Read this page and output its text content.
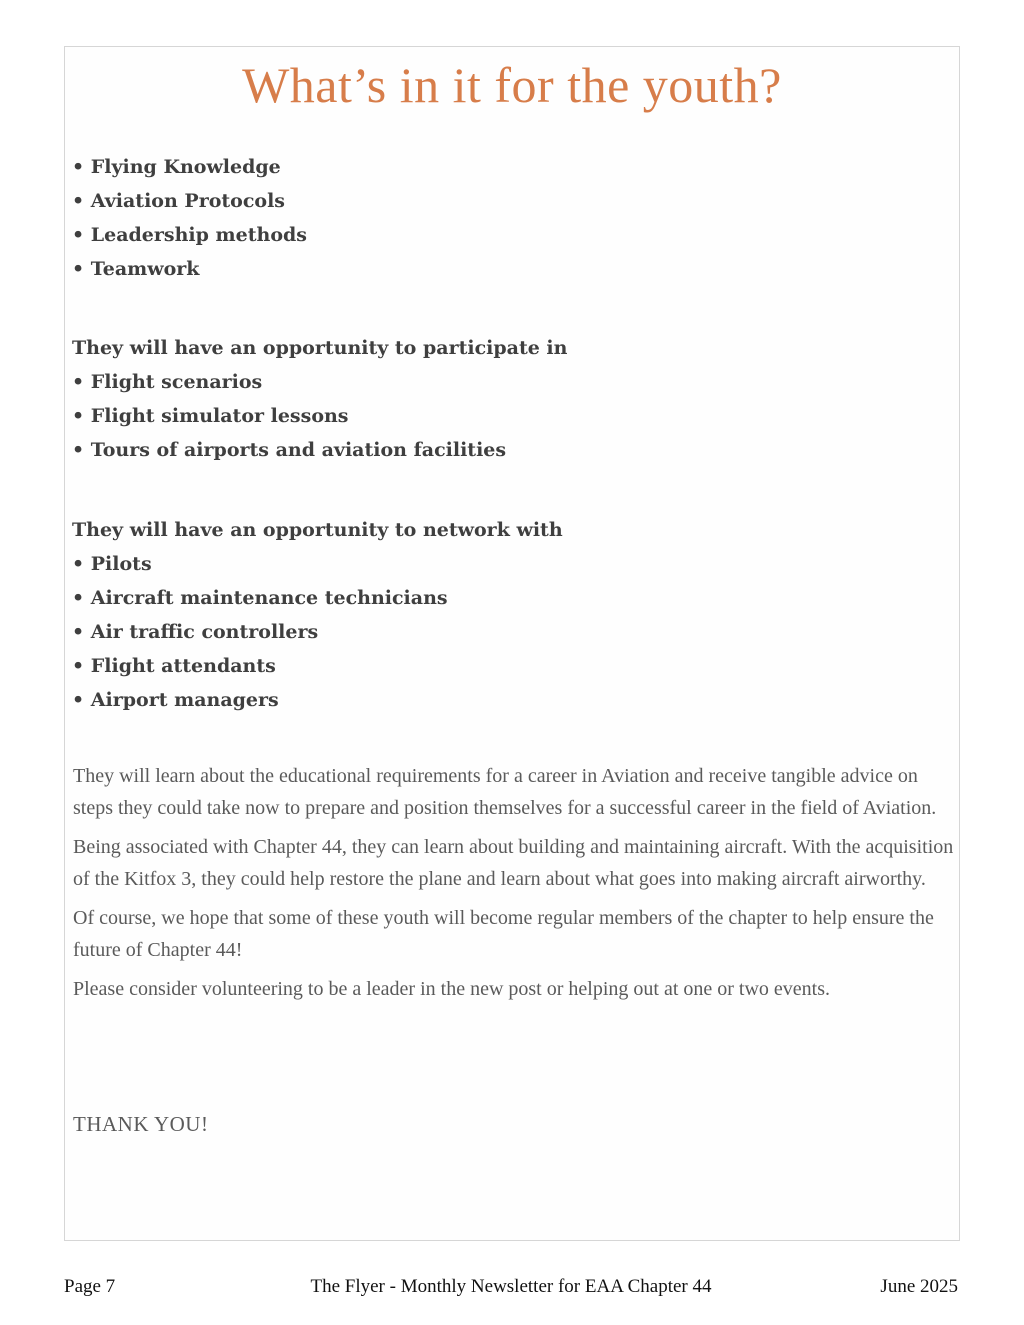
What’s in it for the youth?
• Flying Knowledge
• Aviation Protocols
• Leadership methods
• Teamwork
They will have an opportunity to participate in
• Flight scenarios
• Flight simulator lessons
• Tours of airports and aviation facilities
They will have an opportunity to network with
• Pilots
• Aircraft maintenance technicians
• Air traffic controllers
• Flight attendants
• Airport managers

They will learn about the educational requirements for a career in Aviation and receive tangible advice on steps they could take now to prepare and position themselves for a successful career in the field of Aviation.

Being associated with Chapter 44, they can learn about building and maintaining aircraft. With the acquisition of the Kitfox 3, they could help restore the plane and learn about what goes into making aircraft airworthy.

Of course, we hope that some of these youth will become regular members of the chapter to help ensure the future of Chapter 44!

Please consider volunteering to be a leader in the new post or helping out at one or two events.

THANK YOU!
The Flyer - Monthly Newsletter for EAA Chapter 44
Page 7	June 2025
